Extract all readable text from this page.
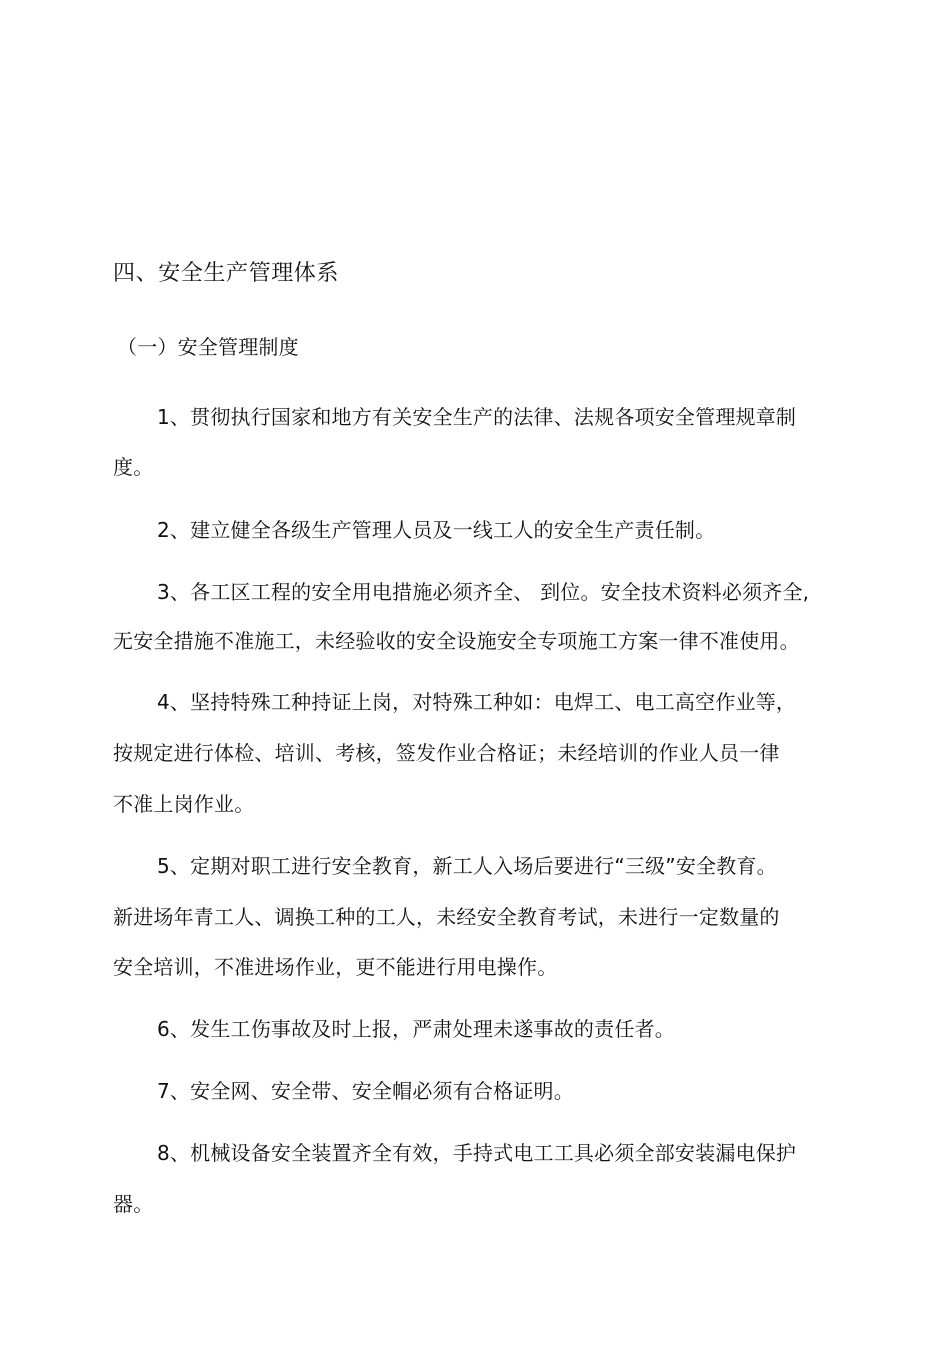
四、安全生产管理体系
（一）安全管理制度
1、贯彻执行国家和地方有关安全生产的法律、法规各项安全管理规章制
度。
2、建立健全各级生产管理人员及一线工人的安全生产责任制。
3、各工区工程的安全用电措施必须齐全、 到位。安全技术资料必须齐全,
无安全措施不准施工，未经验收的安全设施安全专项施工方案一律不准使用。
4、坚持特殊工种持证上岗，对特殊工种如：电焊工、电工高空作业等，
按规定进行体检、培训、考核，签发作业合格证；未经培训的作业人员一律
不准上岗作业。
5、定期对职工进行安全教育，新工人入场后要进行“三级”安全教育。
新进场年青工人、调换工种的工人，未经安全教育考试，未进行一定数量的
安全培训，不准进场作业，更不能进行用电操作。
6、发生工伤事故及时上报，严肃处理未遂事故的责任者。
7、安全网、安全带、安全帽必须有合格证明。
8、机械设备安全装置齐全有效，手持式电工工具必须全部安装漏电保护
器。
